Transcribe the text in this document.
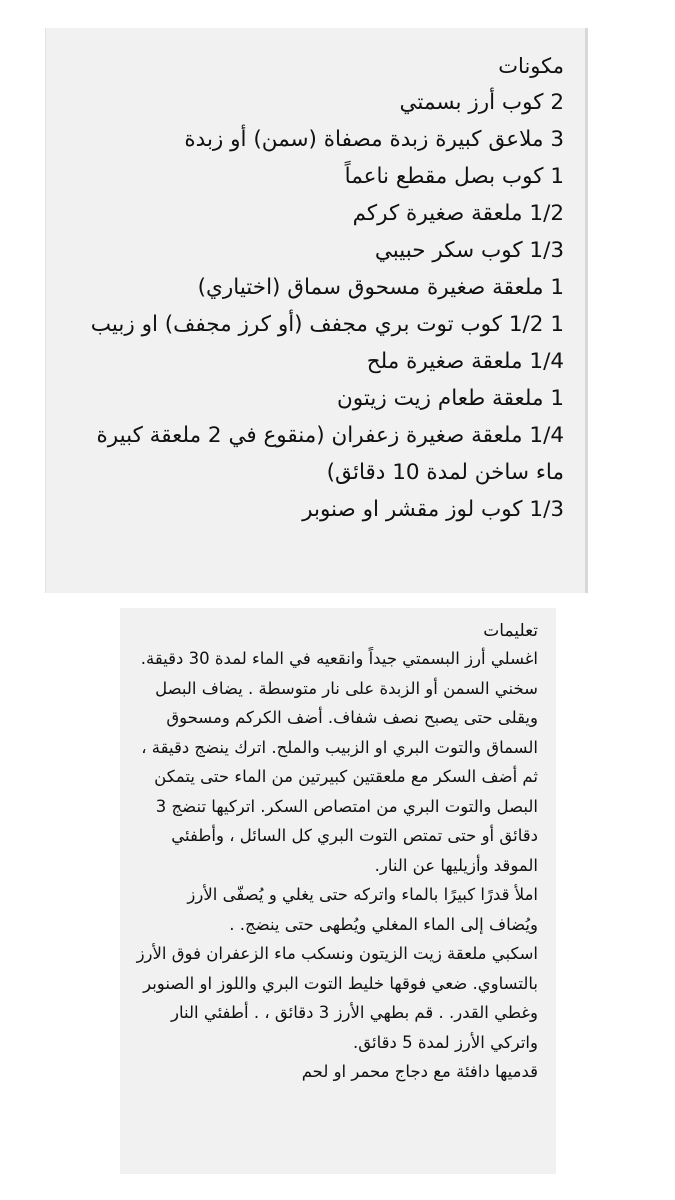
مكونات
2 كوب أرز بسمتي
3 ملاعق كبيرة زبدة مصفاة (سمن) أو زبدة
1 كوب بصل مقطع ناعماً
1/2 ملعقة صغيرة كركم
1/3 كوب سكر حبيبي
1 ملعقة صغيرة مسحوق سماق (اختياري)
1 1/2 كوب توت بري مجفف (أو كرز مجفف) او زبيب
1/4 ملعقة صغيرة ملح
1 ملعقة طعام زيت زيتون
1/4 ملعقة صغيرة زعفران (منقوع في 2 ملعقة كبيرة ماء ساخن لمدة 10 دقائق)
1/3 كوب لوز مقشر او صنوبر
تعليمات
اغسلي أرز البسمتي جيداً وانقعيه في الماء لمدة 30 دقيقة.
سخني السمن أو الزبدة على نار متوسطة . يضاف البصل ويقلى حتى يصبح نصف شفاف. أضف الكركم ومسحوق السماق والتوت البري او الزبيب والملح. اترك ينضج دقيقة ، ثم أضف السكر مع ملعقتين كبيرتين من الماء حتى يتمكن البصل والتوت البري من امتصاص السكر. اتركيها تنضج 3 دقائق أو حتى تمتص التوت البري كل السائل ، وأطفئي الموقد وأزيليها عن النار.
املأ قدرًا كبيرًا بالماء واتركه حتى يغلي و يُصفّى الأرز ويُضاف إلى الماء المغلي ويُطهى حتى ينضج. .
اسكبي ملعقة زيت الزيتون ونسكب ماء الزعفران فوق الأرز بالتساوي. ضعي فوقها خليط التوت البري واللوز او الصنوبر وغطي القدر. . قم بطهي الأرز 3 دقائق ، . أطفئي النار واتركي الأرز لمدة 5 دقائق.
قدميها دافئة مع دجاج محمر او لحم
